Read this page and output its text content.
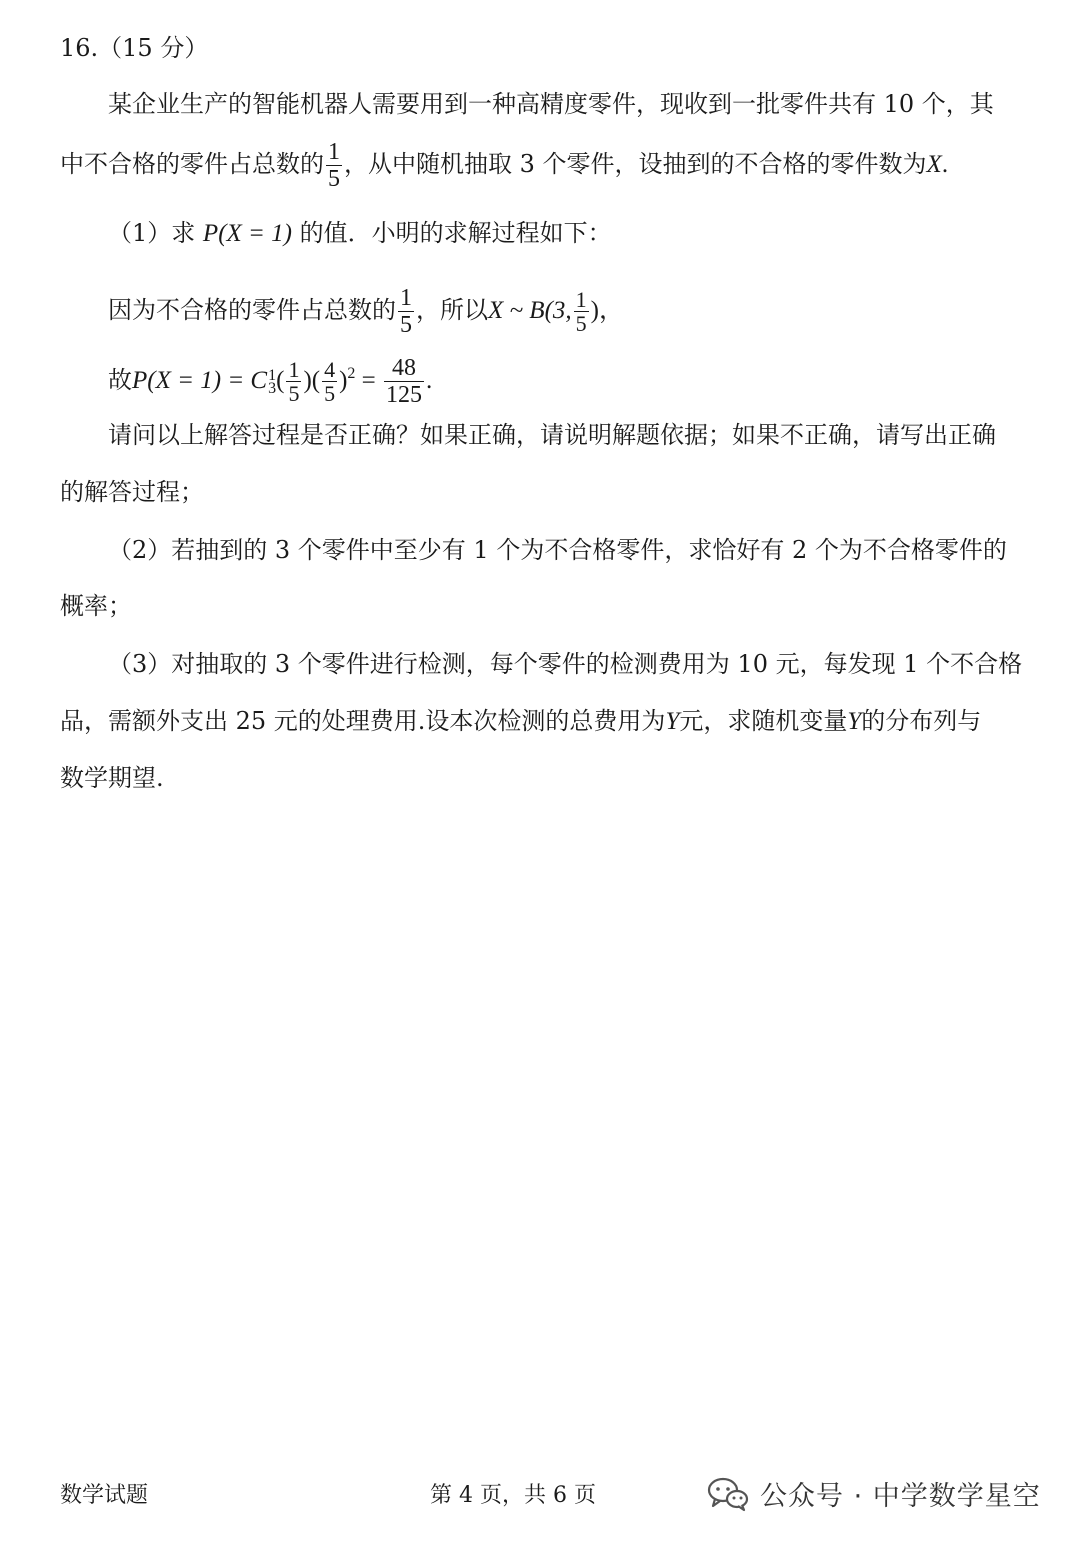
16.（15 分）
某企业生产的智能机器人需要用到一种高精度零件，现收到一批零件共有 10 个，其
中不合格的零件占总数的 $\frac{1}{5}$ ，从中随机抽取 3 个零件，设抽到的不合格的零件数为X.
（1）求 P(X = 1) 的值．小明的求解过程如下：
因为不合格的零件占总数的 $\frac{1}{5}$ ，所以X ~ B(3, $\frac{1}{5}$ )，
故P(X = 1) = C 1
3 ( $\frac{1}{5}$ )( $\frac{4}{5} )^2 = \frac{48}{125}$ .
请问以上解答过程是否正确？如果正确，请说明解题依据；如果不正确，请写出正确
的解答过程；
（2）若抽到的 3 个零件中至少有 1 个为不合格零件，求恰好有 2 个为不合格零件的
概率；
（3）对抽取的 3 个零件进行检测，每个零件的检测费用为 10 元，每发现 1 个不合格
品，需额外支出 25 元的处理费用.设本次检测的总费用为Y元，求随机变量Y的分布列与
数学期望.
数学试题	第 4 页，共 6 页	公众号 · 中学数学星空
